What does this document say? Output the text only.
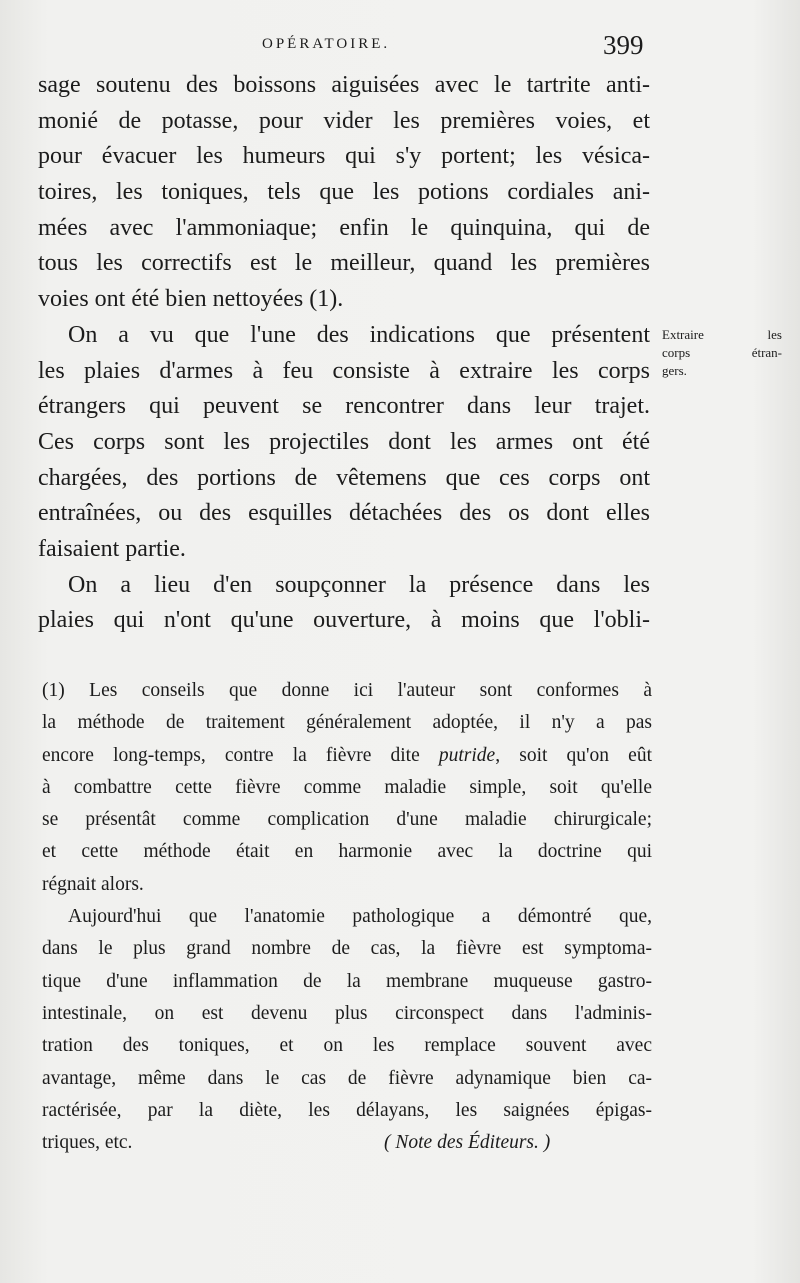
OPÉRATOIRE.	399
sage soutenu des boissons aiguisées avec le tartrite anti-
monié de potasse, pour vider les premières voies, et
pour évacuer les humeurs qui s'y portent; les vésica-
toires, les toniques, tels que les potions cordiales ani-
mées avec l'ammoniaque; enfin le quinquina, qui de
tous les correctifs est le meilleur, quand les premières
voies ont été bien nettoyées (1).
On a vu que l'une des indications que présentent
les plaies d'armes à feu consiste à extraire les corps
étrangers qui peuvent se rencontrer dans leur trajet.
Ces corps sont les projectiles dont les armes ont été
chargées, des portions de vêtemens que ces corps ont
entraînées, ou des esquilles détachées des os dont elles
faisaient partie.
On a lieu d'en soupçonner la présence dans les
plaies qui n'ont qu'une ouverture, à moins que l'obli-
Extraire les
corps étran-
gers.
(1) Les conseils que donne ici l'auteur sont conformes à
la méthode de traitement généralement adoptée, il n'y a pas
encore long-temps, contre la fièvre dite putride, soit qu'on eût
à combattre cette fièvre comme maladie simple, soit qu'elle
se présentât comme complication d'une maladie chirurgicale;
et cette méthode était en harmonie avec la doctrine qui
régnait alors.
Aujourd'hui que l'anatomie pathologique a démontré que,
dans le plus grand nombre de cas, la fièvre est symptoma-
tique d'une inflammation de la membrane muqueuse gastro-
intestinale, on est devenu plus circonspect dans l'adminis-
tration des toniques, et on les remplace souvent avec
avantage, même dans le cas de fièvre adynamique bien ca-
ractérisée, par la diète, les délayans, les saignées épigas-
triques, etc.	( Note des Éditeurs. )
